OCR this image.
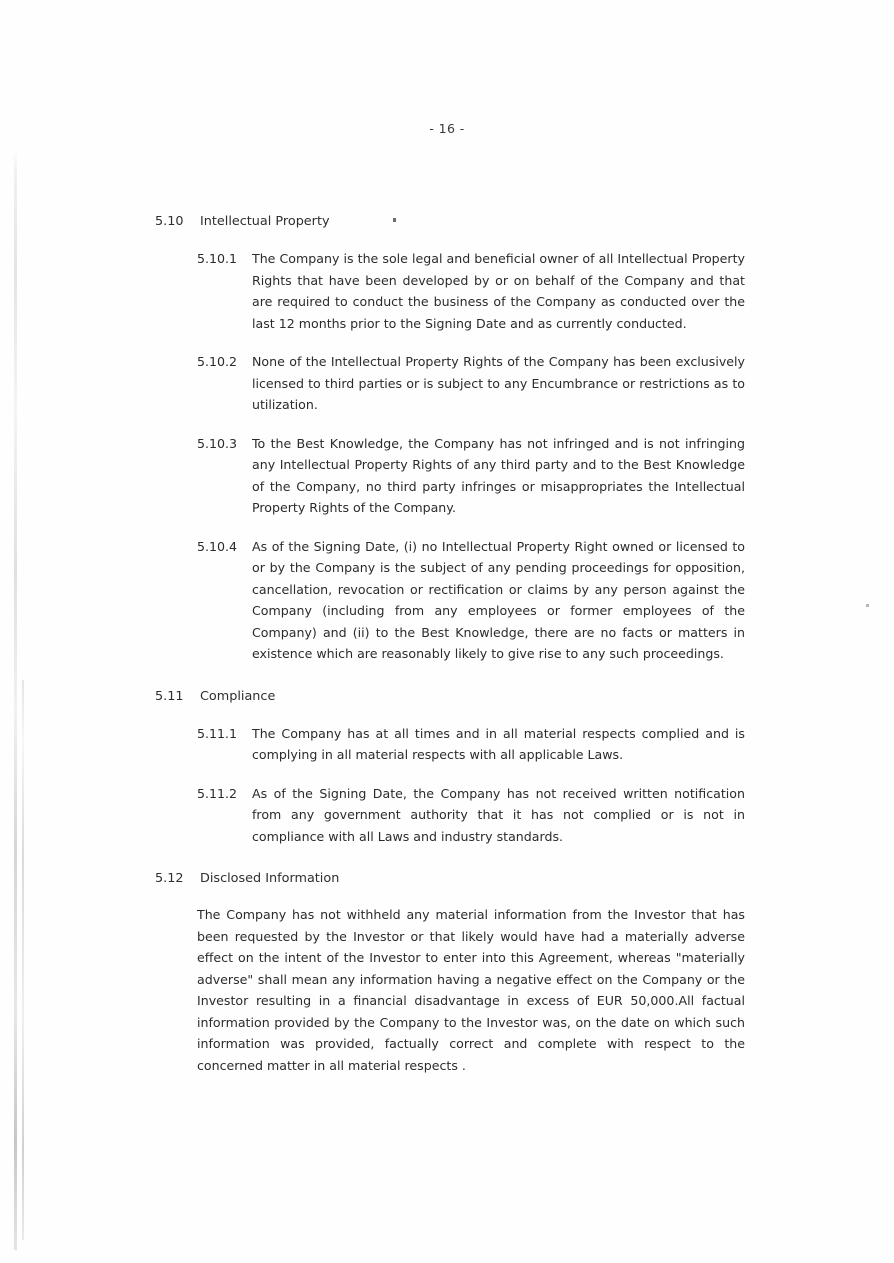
- 16 -
5.10	Intellectual Property
5.10.1	The Company is the sole legal and beneficial owner of all Intellectual Property Rights that have been developed by or on behalf of the Company and that are required to conduct the business of the Company as conducted over the last 12 months prior to the Signing Date and as currently conducted.
5.10.2	None of the Intellectual Property Rights of the Company has been exclusively licensed to third parties or is subject to any Encumbrance or restrictions as to utilization.
5.10.3	To the Best Knowledge, the Company has not infringed and is not infringing any Intellectual Property Rights of any third party and to the Best Knowledge of the Company, no third party infringes or misappropriates the Intellectual Property Rights of the Company.
5.10.4	As of the Signing Date, (i) no Intellectual Property Right owned or licensed to or by the Company is the subject of any pending proceedings for opposition, cancellation, revocation or rectification or claims by any person against the Company (including from any employees or former employees of the Company) and (ii) to the Best Knowledge, there are no facts or matters in existence which are reasonably likely to give rise to any such proceedings.
5.11	Compliance
5.11.1	The Company has at all times and in all material respects complied and is complying in all material respects with all applicable Laws.
5.11.2	As of the Signing Date, the Company has not received written notification from any government authority that it has not complied or is not in compliance with all Laws and industry standards.
5.12	Disclosed Information
The Company has not withheld any material information from the Investor that has been requested by the Investor or that likely would have had a materially adverse effect on the intent of the Investor to enter into this Agreement, whereas "materially adverse" shall mean any information having a negative effect on the Company or the Investor resulting in a financial disadvantage in excess of EUR 50,000.All factual information provided by the Company to the Investor was, on the date on which such information was provided, factually correct and complete with respect to the concerned matter in all material respects .
